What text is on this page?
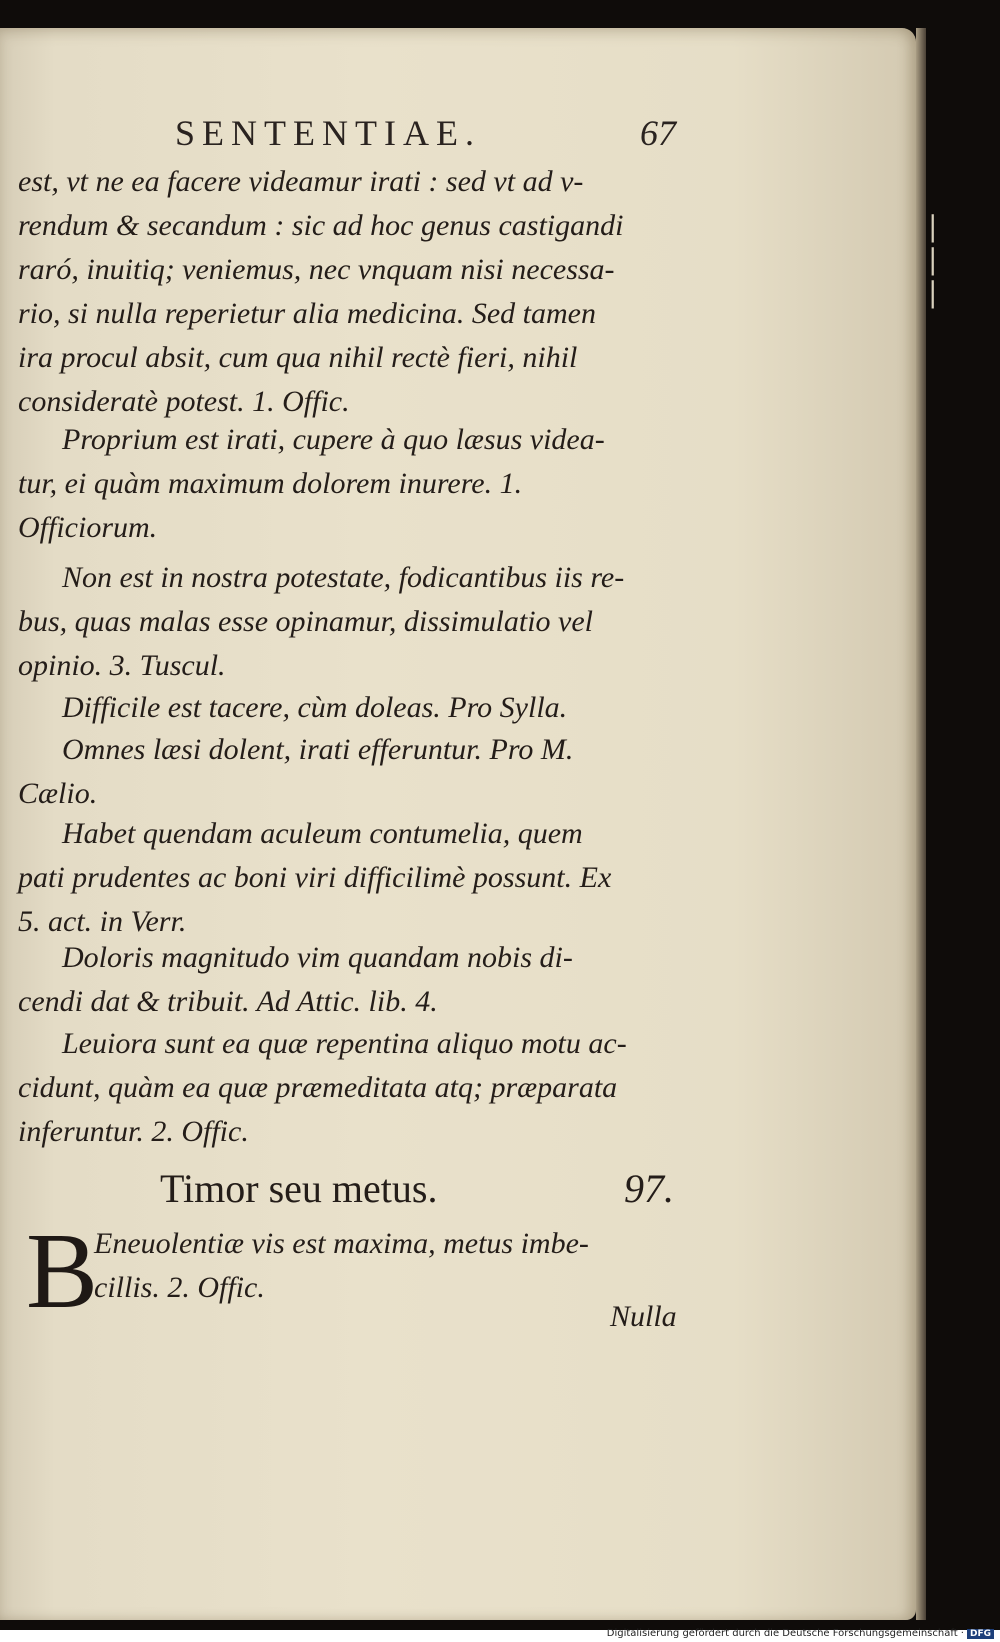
| | |
SENTENTIAE.	67
est, vt ne ea facere videamur irati : sed vt ad v-
rendum & secandum : sic ad hoc genus castigandi
raró, inuitiq; veniemus, nec vnquam nisi necessa-
rio, si nulla reperietur alia medicina. Sed tamen
ira procul absit, cum qua nihil rectè fieri, nihil
consideratè potest. 1. Offic.
Proprium est irati, cupere à quo læsus videa-
tur, ei quàm maximum dolorem inurere. 1.
Officiorum.
Non est in nostra potestate, fodicantibus iis re-
bus, quas malas esse opinamur, dissimulatio vel
opinio. 3. Tuscul.
Difficile est tacere, cùm doleas. Pro Sylla.
Omnes læsi dolent, irati efferuntur. Pro M.
Cælio.
Habet quendam aculeum contumelia, quem
pati prudentes ac boni viri difficilimè possunt. Ex
5. act. in Verr.
Doloris magnitudo vim quandam nobis di-
cendi dat & tribuit. Ad Attic. lib. 4.
Leuiora sunt ea quæ repentina aliquo motu ac-
cidunt, quàm ea quæ præmeditata atq; præparata
inferuntur. 2. Offic.
Timor seu metus.	97.
B
Eneuolentiæ vis est maxima, metus imbe-
cillis. 2. Offic.
Nulla
Digitalisierung gefördert durch die Deutsche Forschungsgemeinschaft · DFG
